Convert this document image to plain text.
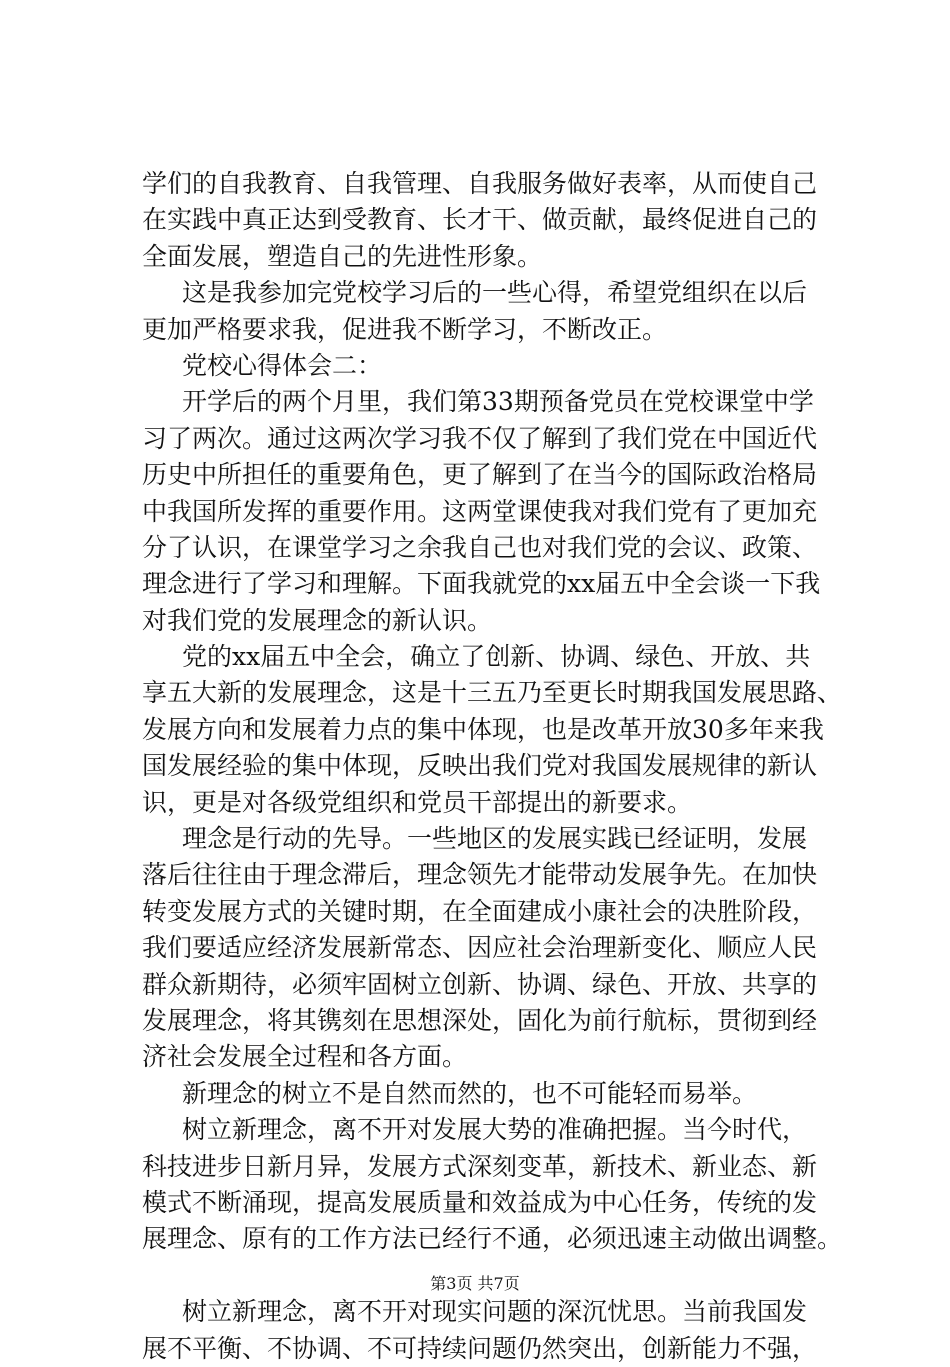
学们的自我教育、自我管理、自我服务做好表率，从而使自己
在实践中真正达到受教育、长才干、做贡献，最终促进自己的
全面发展，塑造自己的先进性形象。
这是我参加完党校学习后的一些心得，希望党组织在以后
更加严格要求我，促进我不断学习，不断改正。
党校心得体会二：
开学后的两个月里，我们第33期预备党员在党校课堂中学
习了两次。通过这两次学习我不仅了解到了我们党在中国近代
历史中所担任的重要角色，更了解到了在当今的国际政治格局
中我国所发挥的重要作用。这两堂课使我对我们党有了更加充
分了认识，在课堂学习之余我自己也对我们党的会议、政策、
理念进行了学习和理解。下面我就党的xx届五中全会谈一下我
对我们党的发展理念的新认识。
党的xx届五中全会，确立了创新、协调、绿色、开放、共
享五大新的发展理念，这是十三五乃至更长时期我国发展思路、
发展方向和发展着力点的集中体现，也是改革开放30多年来我
国发展经验的集中体现，反映出我们党对我国发展规律的新认
识，更是对各级党组织和党员干部提出的新要求。
理念是行动的先导。一些地区的发展实践已经证明，发展
落后往往由于理念滞后，理念领先才能带动发展争先。在加快
转变发展方式的关键时期，在全面建成小康社会的决胜阶段，
我们要适应经济发展新常态、因应社会治理新变化、顺应人民
群众新期待，必须牢固树立创新、协调、绿色、开放、共享的
发展理念，将其镌刻在思想深处，固化为前行航标，贯彻到经
济社会发展全过程和各方面。
新理念的树立不是自然而然的，也不可能轻而易举。
树立新理念，离不开对发展大势的准确把握。当今时代，
科技进步日新月异，发展方式深刻变革，新技术、新业态、新
模式不断涌现，提高发展质量和效益成为中心任务，传统的发
展理念、原有的工作方法已经行不通，必须迅速主动做出调整。
树立新理念，离不开对现实问题的深沉忧思。当前我国发
展不平衡、不协调、不可持续问题仍然突出，创新能力不强，
第3页 共7页
